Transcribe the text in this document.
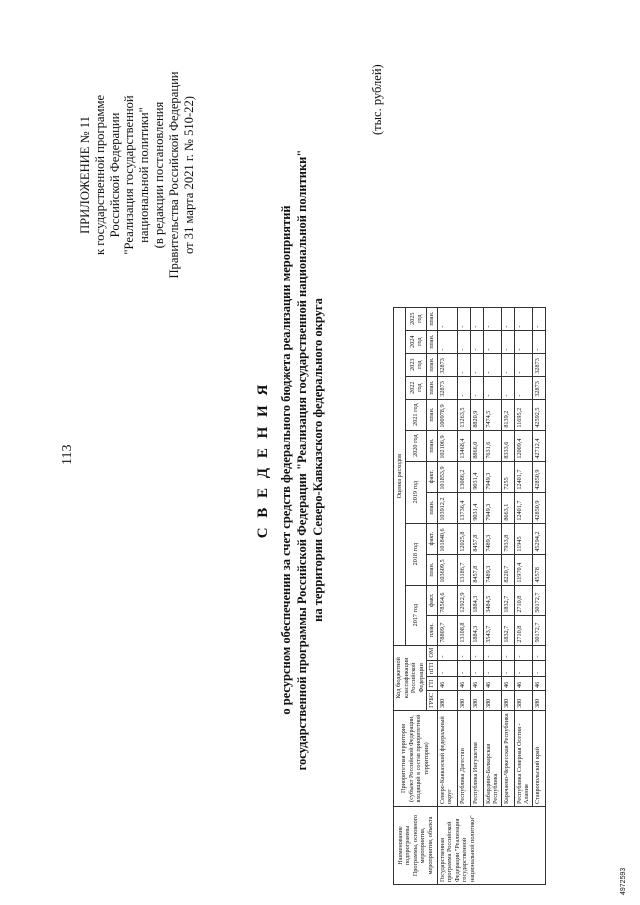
113
ПРИЛОЖЕНИЕ № 11 к государственной программе Российской Федерации "Реализация государственной национальной политики" (в редакции постановления Правительства Российской Федерации от 31 марта 2021 г. № 510-22)
С В Е Д Е Н И Я о ресурсном обеспечении за счет средств федерального бюджета реализации мероприятий государственной программы Российской Федерации "Реализация государственной национальной политики" на территории Северо-Кавказского федерального округа
(тыс. рублей)
Наименование подпрограммы Программы, основного мероприятия, мероприятия, объекта	Приоритетная территория (субъект Российской Федерации, входящий в состав приоритетной территории)	Код бюджетной классификации Российской Федерации				Оценка расходов											
						2017 год		2018 год		2019 год		2020 год	2021 год	2022 год	2023 год	2024 год	2025 год
		ГРБС	ГП	пГП	ОМ	план.	факт.	план.	факт.	план.	факт.	план.	план.	план.	план.	план.	план.
Государственная программа Российской Федерации "Реализация государственной национальной политики"	Северо-Кавказский федеральный округ	380	46	-	-	78809,7	78564,6	103609,5	101840,6	103912,2	101853,9	102106,9	100978,9	32873	32873	-	-
	Республика Дагестан	380	46	-	-	13108,8	12922,9	13186,7	12025,8	13736,4	13086,2	13468,4	13263,5	-	-	-	-
	Республика Ингушетия	380	46	-	-	1884,3	1884,3	8457,8	8457,8	9031,4	9031,4	8866,0	8820,9	-	-	-	-
	Кабардино-Балкарская Республика	380	46	-	-	3543,7	3484,5	7489,3	7489,3	7949,3	7949,3	7631,6	7474,5	-	-	-	-
	Карачаево-Черкесская Республика	380	46	-	-	1832,7	1832,7	8220,7	7933,8	8663,1	7255	8333,6	8139,2	-	-	-	-
	Республика Северная Осетия - Алания	380	46	-	-	2710,8	2710,8	11970,4	11945	12401,7	12401,7	12009,4	11695,2	-	-	-	-
	Ставропольский край	380	46	-	-	50172,7	50172,7	45578	45294,2	42850,9	42850,9	42712,4	42592,5	32873	32873	-	-
4972593
